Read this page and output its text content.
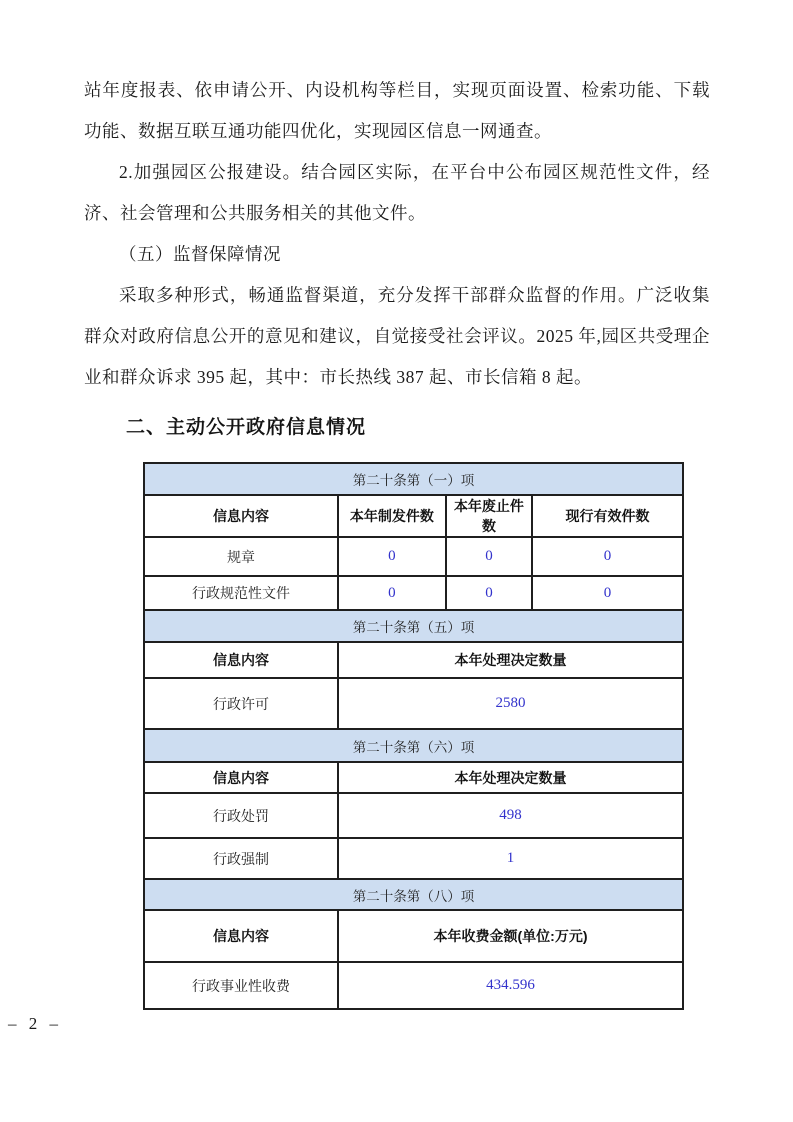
站年度报表、依申请公开、内设机构等栏目，实现页面设置、检索功能、下载功能、数据互联互通功能四优化，实现园区信息一网通查。

2.加强园区公报建设。结合园区实际，在平台中公布园区规范性文件，经济、社会管理和公共服务相关的其他文件。

（五）监督保障情况

采取多种形式，畅通监督渠道，充分发挥干部群众监督的作用。广泛收集群众对政府信息公开的意见和建议，自觉接受社会评议。2025 年,园区共受理企业和群众诉求 395 起，其中：市长热线 387 起、市长信箱 8 起。

二、主动公开政府信息情况
第二十条第（一）项			
信息内容	本年制发件数	本年废止件数	现行有效件数
规章	0	0	0
行政规范性文件	0	0	0
第二十条第（五）项	
信息内容	本年处理决定数量
行政许可	2580
第二十条第（六）项	
信息内容	本年处理决定数量
行政处罚	498
行政强制	1
第二十条第（八）项	
信息内容	本年收费金额(单位:万元)
行政事业性收费	434.596
– 2 –
